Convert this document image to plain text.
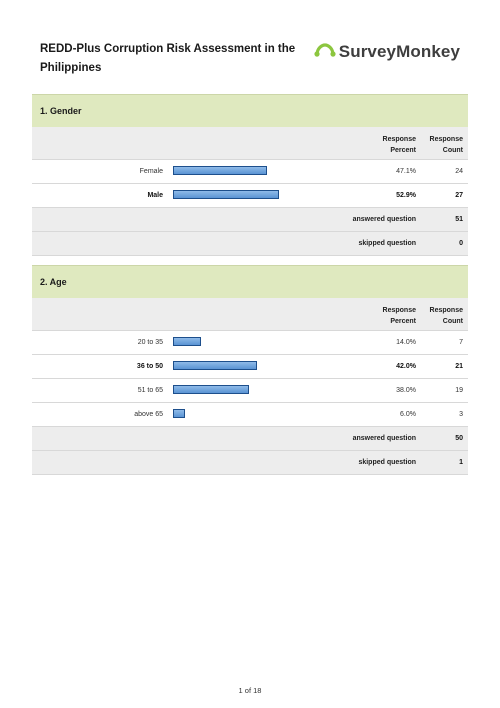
REDD-Plus Corruption Risk Assessment in the Philippines
SurveyMonkey
1. Gender
Response Percent
Response Count
Female	47.1%	24
Male	52.9%	27
answered question	51
skipped question	0
2. Age
Response Percent
Response Count
20 to 35	14.0%	7
36 to 50	42.0%	21
51 to 65	38.0%	19
above 65	6.0%	3
answered question	50
skipped question	1
1 of 18
